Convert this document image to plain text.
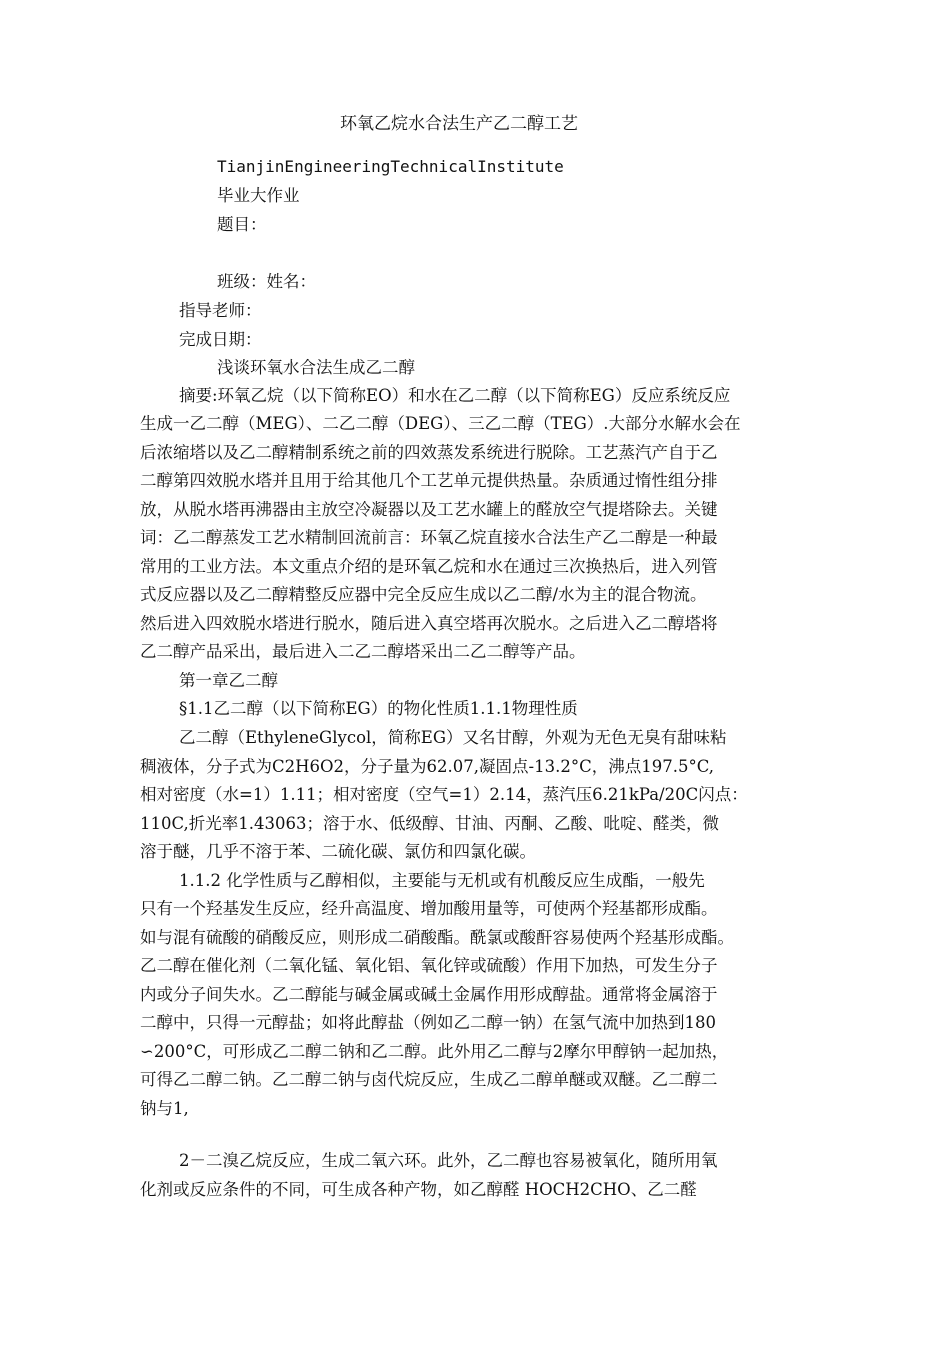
环氧乙烷水合法生产乙二醇工艺
TianjinEngineeringTechnicalInstitute
毕业大作业
题目：
班级：姓名：
指导老师：
完成日期：
浅谈环氧水合法生成乙二醇
摘要:环氧乙烷（以下简称EO）和水在乙二醇（以下简称EG）反应系统反应
生成一乙二醇（MEG）、二乙二醇（DEG）、三乙二醇（TEG）.大部分水解水会在
后浓缩塔以及乙二醇精制系统之前的四效蒸发系统进行脱除。工艺蒸汽产自于乙
二醇第四效脱水塔并且用于给其他几个工艺单元提供热量。杂质通过惰性组分排
放，从脱水塔再沸器由主放空冷凝器以及工艺水罐上的醛放空气提塔除去。关键
词：乙二醇蒸发工艺水精制回流前言：环氧乙烷直接水合法生产乙二醇是一种最
常用的工业方法。本文重点介绍的是环氧乙烷和水在通过三次换热后，进入列管
式反应器以及乙二醇精整反应器中完全反应生成以乙二醇/水为主的混合物流。
然后进入四效脱水塔进行脱水，随后进入真空塔再次脱水。之后进入乙二醇塔将
乙二醇产品采出，最后进入二乙二醇塔采出二乙二醇等产品。
第一章乙二醇
§1.1乙二醇（以下简称EG）的物化性质1.1.1物理性质
乙二醇（EthyleneGlycol，简称EG）又名甘醇，外观为无色无臭有甜味粘
稠液体，分子式为C2H6O2，分子量为62.07,凝固点-13.2°C，沸点197.5°C,
相对密度（水=1）1.11；相对密度（空气=1）2.14，蒸汽压6.21kPa/20C闪点：
110C,折光率1.43063；溶于水、低级醇、甘油、丙酮、乙酸、吡啶、醛类，微
溶于醚，几乎不溶于苯、二硫化碳、氯仿和四氯化碳。
1.1.2 化学性质与乙醇相似，主要能与无机或有机酸反应生成酯，一般先
只有一个羟基发生反应，经升高温度、增加酸用量等，可使两个羟基都形成酯。
如与混有硫酸的硝酸反应，则形成二硝酸酯。酰氯或酸酐容易使两个羟基形成酯。
乙二醇在催化剂（二氧化锰、氧化铝、氧化锌或硫酸）作用下加热，可发生分子
内或分子间失水。乙二醇能与碱金属或碱土金属作用形成醇盐。通常将金属溶于
二醇中，只得一元醇盐；如将此醇盐（例如乙二醇一钠）在氢气流中加热到180
∽200°C，可形成乙二醇二钠和乙二醇。此外用乙二醇与2摩尔甲醇钠一起加热，
可得乙二醇二钠。乙二醇二钠与卤代烷反应，生成乙二醇单醚或双醚。乙二醇二
钠与1,
2－二溴乙烷反应，生成二氧六环。此外，乙二醇也容易被氧化，随所用氧
化剂或反应条件的不同，可生成各种产物，如乙醇醛 HOCH2CHO、乙二醛
